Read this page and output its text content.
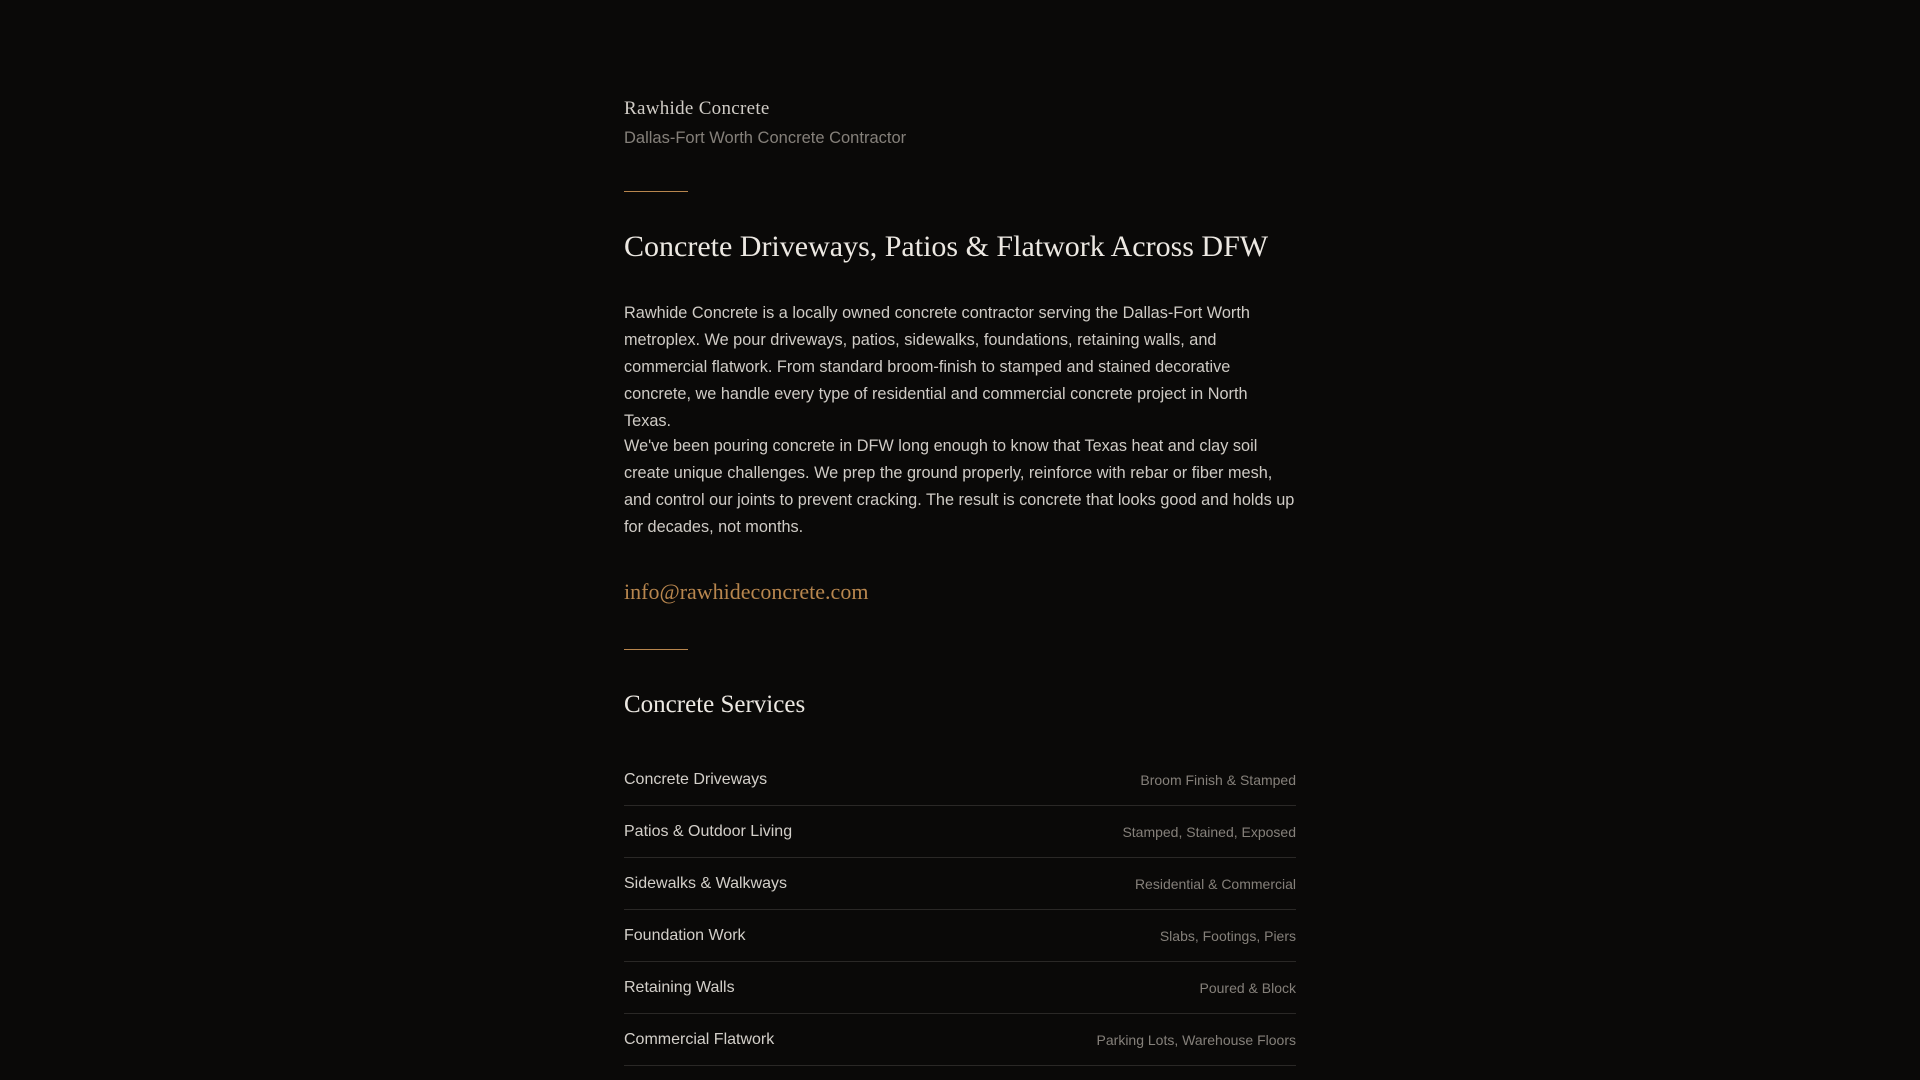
Rawhide Concrete
Dallas-Fort Worth Concrete Contractor
Concrete Driveways, Patios & Flatwork Across DFW

Rawhide Concrete is a locally owned concrete contractor serving the Dallas-Fort Worth metroplex. We pour driveways, patios, sidewalks, foundations, retaining walls, and commercial flatwork. From standard broom-finish to stamped and stained decorative concrete, we handle every type of residential and commercial concrete project in North Texas.

We've been pouring concrete in DFW long enough to know that Texas heat and clay soil create unique challenges. We prep the ground properly, reinforce with rebar or fiber mesh, and control our joints to prevent cracking. The result is concrete that looks good and holds up for decades, not months.

info@rawhideconcrete.com
Concrete Services
Concrete Driveways	Broom Finish & Stamped
Patios & Outdoor Living	Stamped, Stained, Exposed
Sidewalks & Walkways	Residential & Commercial
Foundation Work	Slabs, Footings, Piers
Retaining Walls	Poured & Block
Commercial Flatwork	Parking Lots, Warehouse Floors
